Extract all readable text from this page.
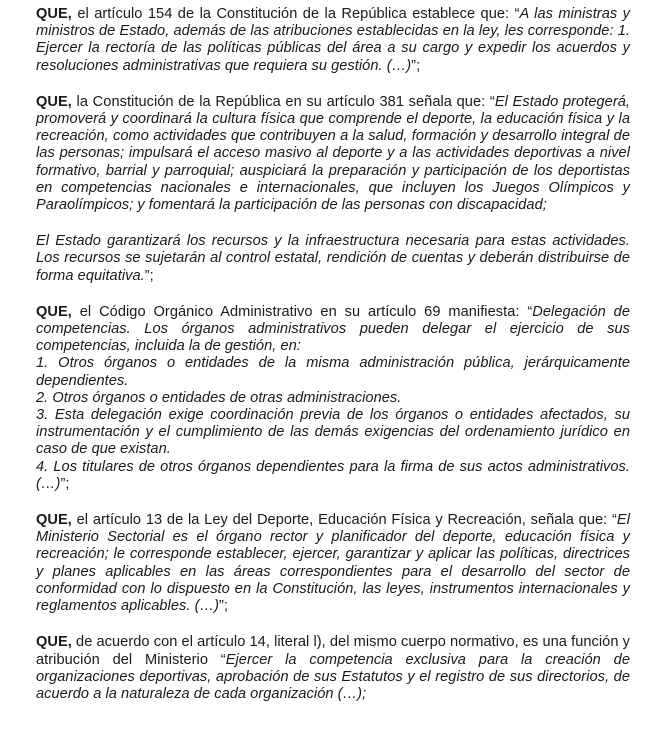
QUE, el artículo 154 de la Constitución de la República establece que: “A las ministras y ministros de Estado, además de las atribuciones establecidas en la ley, les corresponde: 1. Ejercer la rectoría de las políticas públicas del área a su cargo y expedir los acuerdos y resoluciones administrativas que requiera su gestión. (…)”;

QUE, la Constitución de la República en su artículo 381 señala que: “El Estado protegerá, promoverá y coordinará la cultura física que comprende el deporte, la educación física y la recreación, como actividades que contribuyen a la salud, formación y desarrollo integral de las personas; impulsará el acceso masivo al deporte y a las actividades deportivas a nivel formativo, barrial y parroquial; auspiciará la preparación y participación de los deportistas en competencias nacionales e internacionales, que incluyen los Juegos Olímpicos y Paraolímpicos; y fomentará la participación de las personas con discapacidad;

El Estado garantizará los recursos y la infraestructura necesaria para estas actividades. Los recursos se sujetarán al control estatal, rendición de cuentas y deberán distribuirse de forma equitativa.”;

QUE, el Código Orgánico Administrativo en su artículo 69 manifiesta: “Delegación de competencias. Los órganos administrativos pueden delegar el ejercicio de sus competencias, incluida la de gestión, en:
1. Otros órganos o entidades de la misma administración pública, jerárquicamente dependientes.
2. Otros órganos o entidades de otras administraciones.
3. Esta delegación exige coordinación previa de los órganos o entidades afectados, su instrumentación y el cumplimiento de las demás exigencias del ordenamiento jurídico en caso de que existan.
4. Los titulares de otros órganos dependientes para la firma de sus actos administrativos. (…)”;

QUE, el artículo 13 de la Ley del Deporte, Educación Física y Recreación, señala que: “El Ministerio Sectorial es el órgano rector y planificador del deporte, educación física y recreación; le corresponde establecer, ejercer, garantizar y aplicar las políticas, directrices y planes aplicables en las áreas correspondientes para el desarrollo del sector de conformidad con lo dispuesto en la Constitución, las leyes, instrumentos internacionales y reglamentos aplicables. (…)”;

QUE, de acuerdo con el artículo 14, literal l), del mismo cuerpo normativo, es una función y atribución del Ministerio “Ejercer la competencia exclusiva para la creación de organizaciones deportivas, aprobación de sus Estatutos y el registro de sus directorios, de acuerdo a la naturaleza de cada organización (…);
